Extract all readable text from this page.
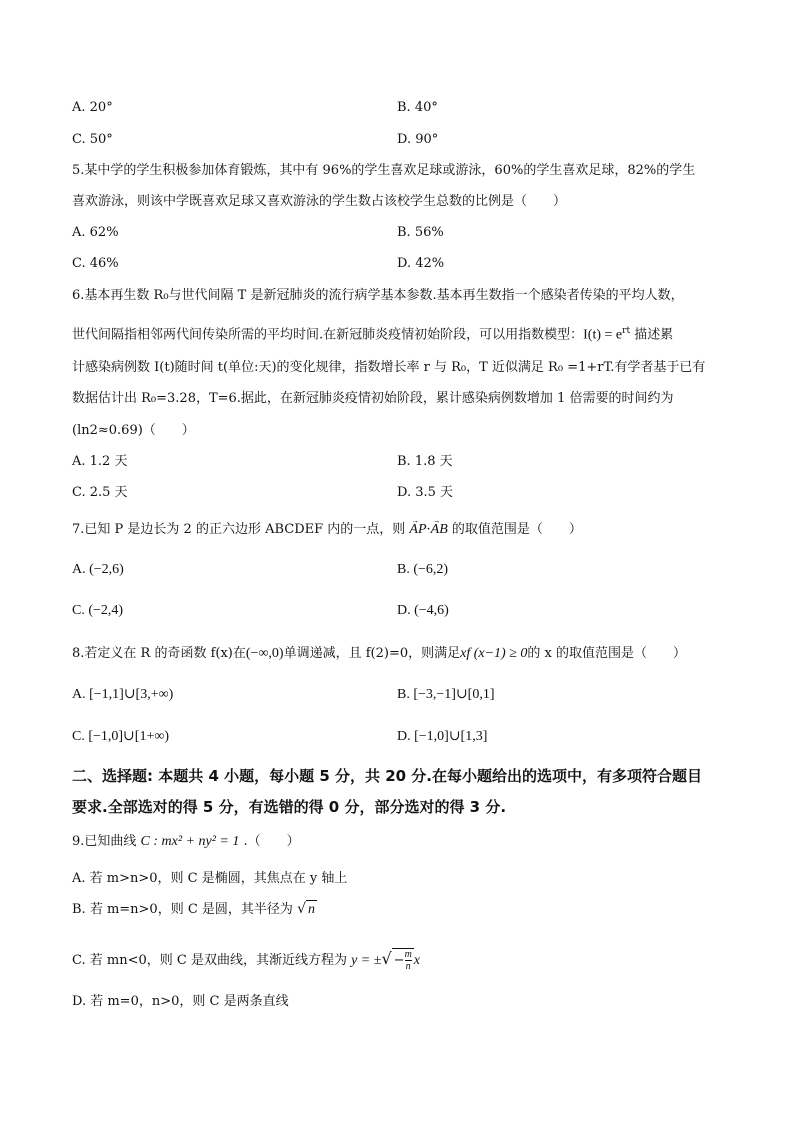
A. 20°	B. 40°
C. 50°	D. 90°
5.某中学的学生积极参加体育锻炼，其中有 96%的学生喜欢足球或游泳，60%的学生喜欢足球，82%的学生
喜欢游泳，则该中学既喜欢足球又喜欢游泳的学生数占该校学生总数的比例是（　　）
A. 62%	B. 56%
C. 46%	D. 42%
6.基本再生数 R₀与世代间隔 T 是新冠肺炎的流行病学基本参数.基本再生数指一个感染者传染的平均人数，
世代间隔指相邻两代间传染所需的平均时间.在新冠肺炎疫情初始阶段，可以用指数模型：$I(t) = e^{rt}$ 描述累
计感染病例数 I(t)随时间 t(单位:天)的变化规律，指数增长率 r 与 R₀，T 近似满足 R₀ =1+rT.有学者基于已有
数据估计出 R₀=3.28，T=6.据此，在新冠肺炎疫情初始阶段，累计感染病例数增加 1 倍需要的时间约为
(ln2≈0.69)（　　）
A. 1.2 天	B. 1.8 天
C. 2.5 天	D. 3.5 天
7.已知 P 是边长为 2 的正六边形 ABCDEF 内的一点，则 → AP·→ AB 的取值范围是（　　）
A. (−2,6)	B. (−6,2)
C. (−2,4)	D. (−4,6)
8.若定义在 R 的奇函数 f(x)在(−∞,0)单调递减，且 f(2)=0，则满足xf (x−1) ≥ 0的 x 的取值范围是（　　）
A. [−1,1]∪[3,+∞)	B. [−3,−1]∪[0,1]
C. [−1,0]∪[1+∞)	D. [−1,0]∪[1,3]
二、选择题: 本题共 4 小题，每小题 5 分，共 20 分.在每小题给出的选项中，有多项符合题目
要求.全部选对的得 5 分，有选错的得 0 分，部分选对的得 3 分.
9.已知曲线 C : mx² + ny² = 1 .（　　）
A. 若 m>n>0，则 C 是椭圆，其焦点在 y 轴上
B. 若 m=n>0，则 C 是圆，其半径为 √ n
C. 若 mn<0，则 C 是双曲线，其渐近线方程为 y = ±√ − $\frac{m}{n}$ x
D. 若 m=0，n>0，则 C 是两条直线
